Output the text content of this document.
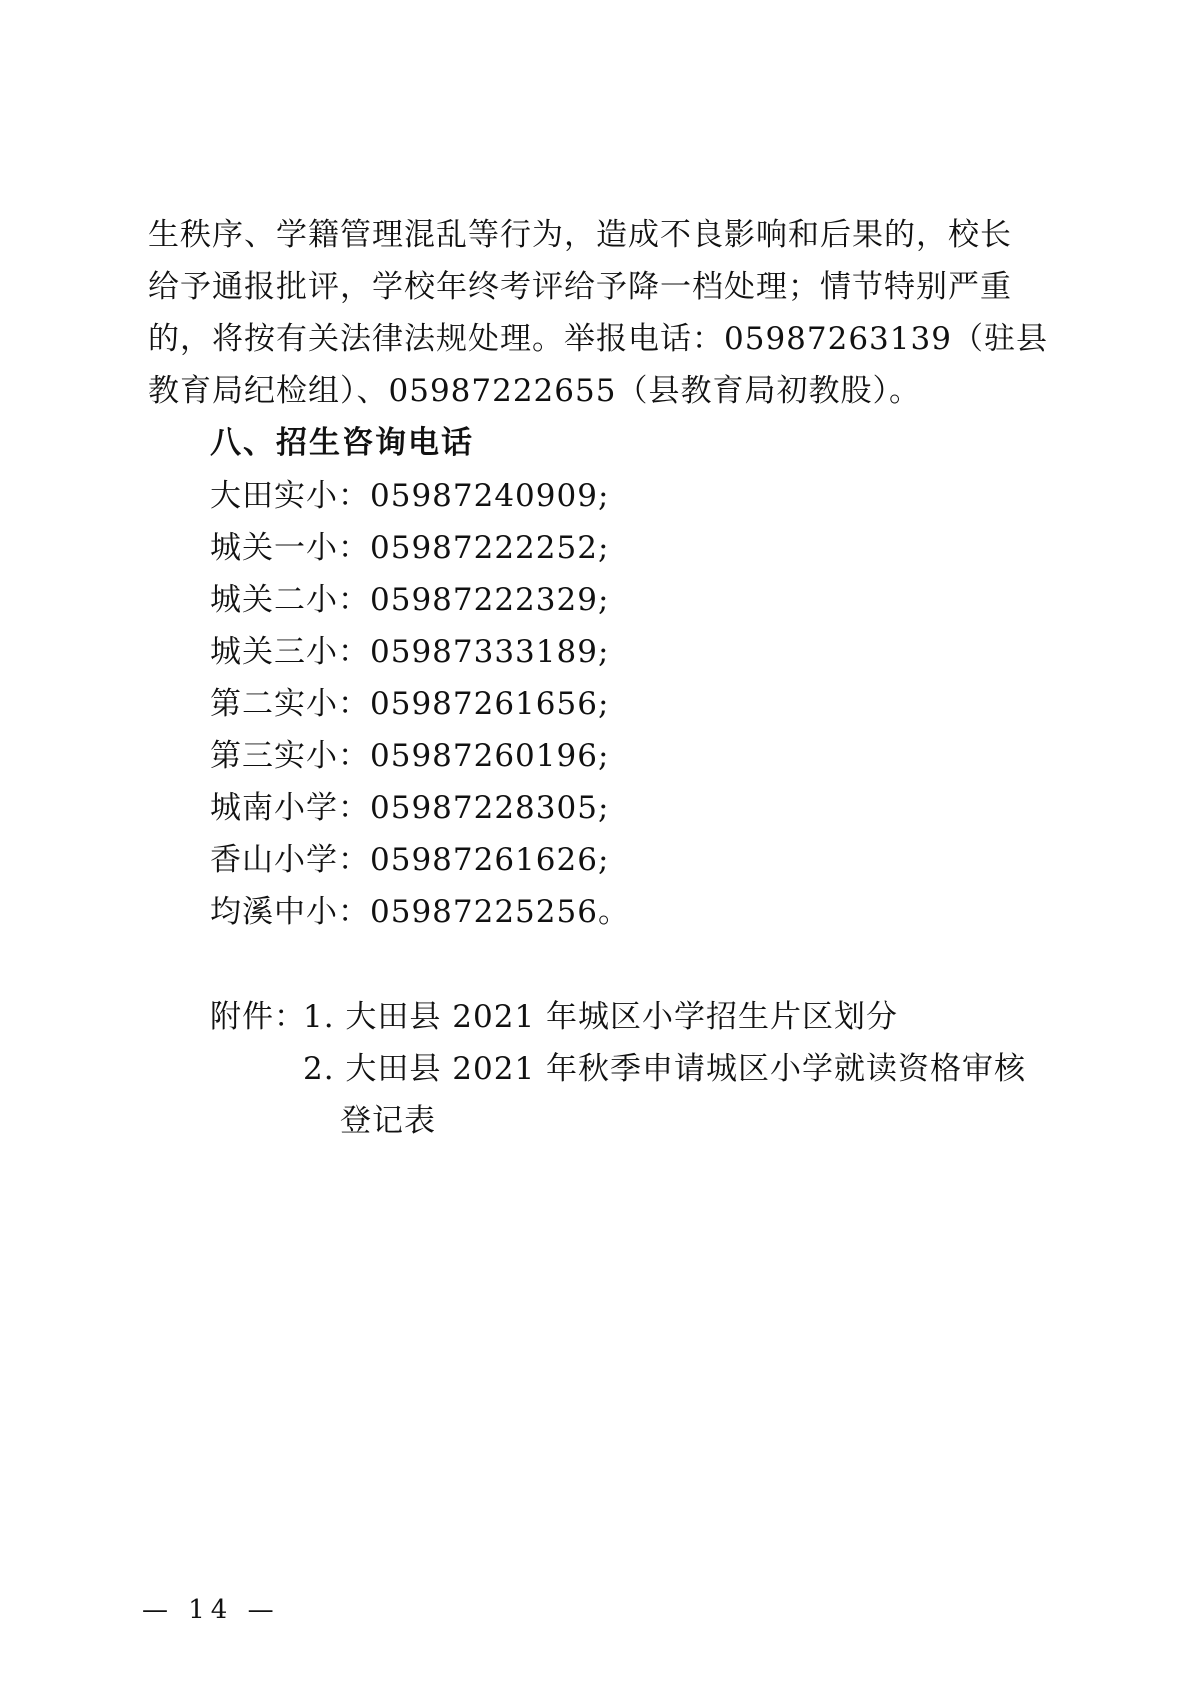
生秩序、学籍管理混乱等行为，造成不良影响和后果的，校长
给予通报批评，学校年终考评给予降一档处理；情节特别严重
的，将按有关法律法规处理。举报电话：05987263139（驻县
教育局纪检组）、05987222655（县教育局初教股）。
八、招生咨询电话
大田实小：05987240909;
城关一小：05987222252;
城关二小：05987222329;
城关三小：05987333189;
第二实小：05987261656;
第三实小：05987260196;
城南小学：05987228305;
香山小学：05987261626;
均溪中小：05987225256。
附件：
1. 大田县 2021 年城区小学招生片区划分
2. 大田县 2021 年秋季申请城区小学就读资格审核
登记表
— 14 —
